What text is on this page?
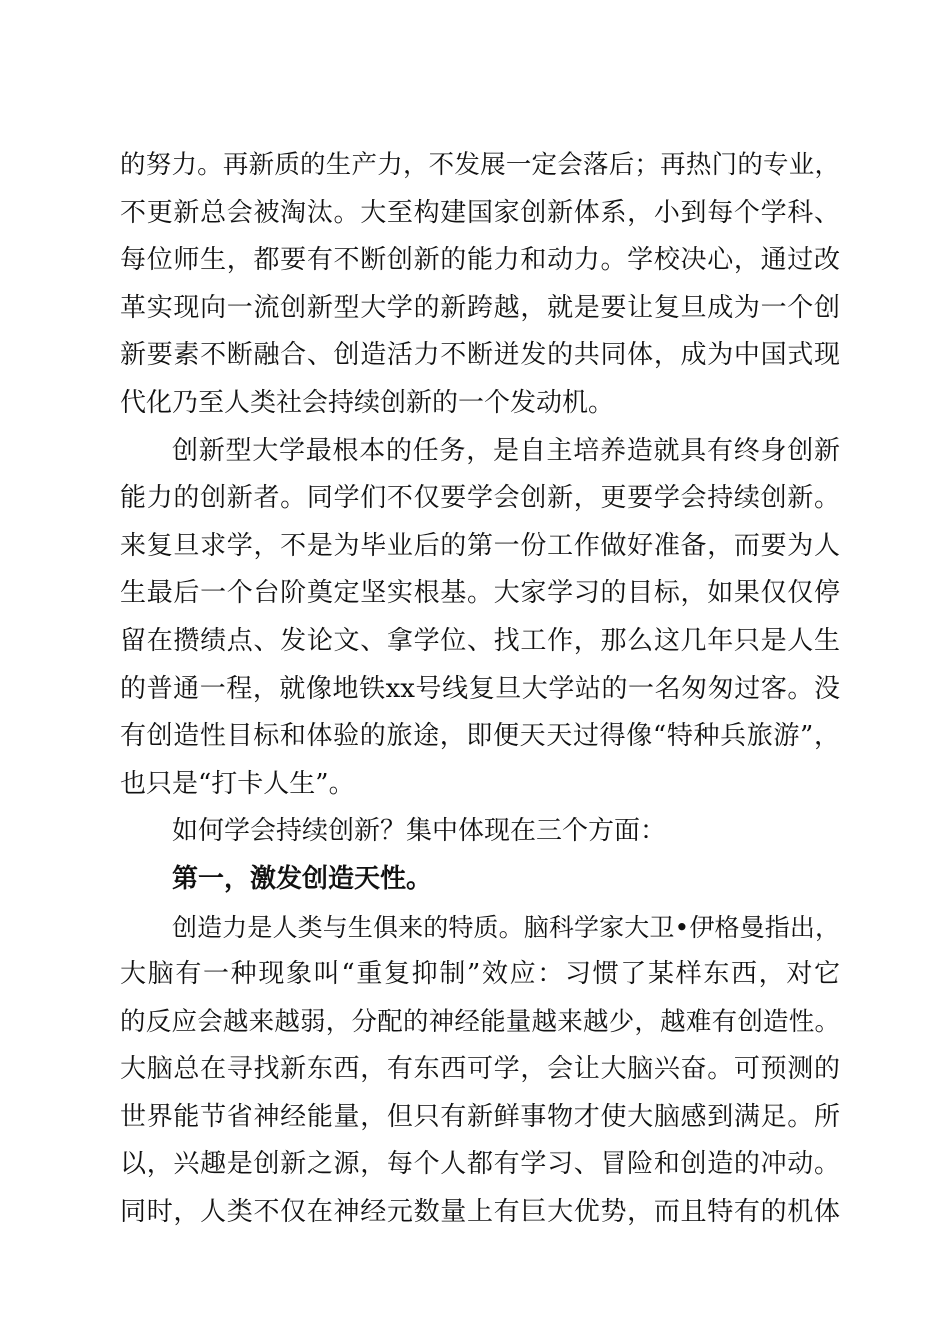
的努力。再新质的生产力，不发展一定会落后；再热门的专业，
不更新总会被淘汰。大至构建国家创新体系，小到每个学科、
每位师生，都要有不断创新的能力和动力。学校决心，通过改
革实现向一流创新型大学的新跨越，就是要让复旦成为一个创
新要素不断融合、创造活力不断迸发的共同体，成为中国式现
代化乃至人类社会持续创新的一个发动机。
创新型大学最根本的任务，是自主培养造就具有终身创新
能力的创新者。同学们不仅要学会创新，更要学会持续创新。
来复旦求学，不是为毕业后的第一份工作做好准备，而要为人
生最后一个台阶奠定坚实根基。大家学习的目标，如果仅仅停
留在攒绩点、发论文、拿学位、找工作，那么这几年只是人生
的普通一程，就像地铁xx号线复旦大学站的一名匆匆过客。没
有创造性目标和体验的旅途，即便天天过得像“特种兵旅游”，
也只是“打卡人生”。
如何学会持续创新？集中体现在三个方面：
第一，激发创造天性。
创造力是人类与生俱来的特质。脑科学家大卫•伊格曼指出，
大脑有一种现象叫“重复抑制”效应：习惯了某样东西，对它
的反应会越来越弱，分配的神经能量越来越少，越难有创造性。
大脑总在寻找新东西，有东西可学，会让大脑兴奋。可预测的
世界能节省神经能量，但只有新鲜事物才使大脑感到满足。所
以，兴趣是创新之源，每个人都有学习、冒险和创造的冲动。
同时，人类不仅在神经元数量上有巨大优势，而且特有的机体
